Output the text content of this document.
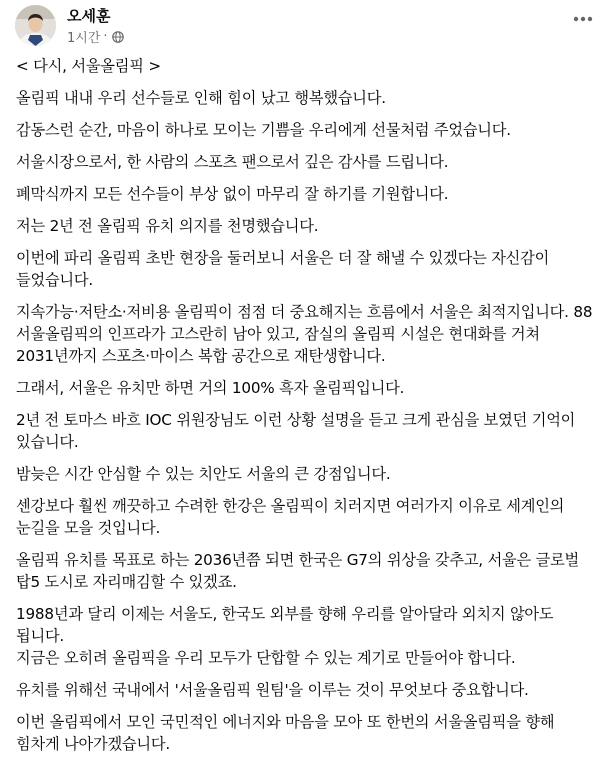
오세훈
1시간 ·
< 다시, 서울올림픽 >
올림픽 내내 우리 선수들로 인해 힘이 났고 행복했습니다.
감동스런 순간, 마음이 하나로 모이는 기쁨을 우리에게 선물처럼 주었습니다.
서울시장으로서, 한 사람의 스포츠 팬으로서 깊은 감사를 드립니다.
폐막식까지 모든 선수들이 부상 없이 마무리 잘 하기를 기원합니다.
저는 2년 전 올림픽 유치 의지를 천명했습니다.
이번에 파리 올림픽 초반 현장을 둘러보니 서울은 더 잘 해낼 수 있겠다는 자신감이 들었습니다.
지속가능·저탄소·저비용 올림픽이 점점 더 중요해지는 흐름에서 서울은 최적지입니다. 88 서울올림픽의 인프라가 고스란히 남아 있고, 잠실의 올림픽 시설은 현대화를 거쳐 2031년까지 스포츠·마이스 복합 공간으로 재탄생합니다.
그래서, 서울은 유치만 하면 거의 100% 흑자 올림픽입니다.
2년 전 토마스 바흐 IOC 위원장님도 이런 상황 설명을 듣고 크게 관심을 보였던 기억이 있습니다.
밤늦은 시간 안심할 수 있는 치안도 서울의 큰 강점입니다.
센강보다 훨씬 깨끗하고 수려한 한강은 올림픽이 치러지면 여러가지 이유로 세계인의 눈길을 모을 것입니다.
올림픽 유치를 목표로 하는 2036년쯤 되면 한국은 G7의 위상을 갖추고, 서울은 글로벌 탑5 도시로 자리매김할 수 있겠죠.
1988년과 달리 이제는 서울도, 한국도 외부를 향해 우리를 알아달라 외치지 않아도 됩니다.
지금은 오히려 올림픽을 우리 모두가 단합할 수 있는 계기로 만들어야 합니다.
유치를 위해선 국내에서 '서울올림픽 원팀'을 이루는 것이 무엇보다 중요합니다.
이번 올림픽에서 모인 국민적인 에너지와 마음을 모아 또 한번의 서울올림픽을 향해 힘차게 나아가겠습니다.
